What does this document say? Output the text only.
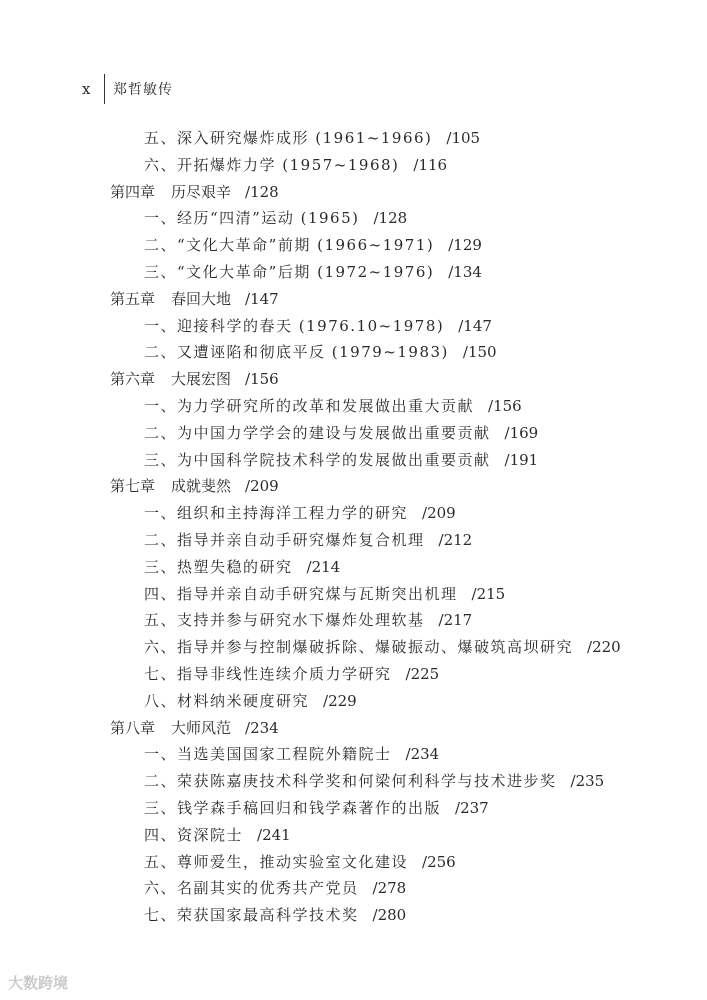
x	郑哲敏传
五、深入研究爆炸成形 (1961~1966) /105
六、开拓爆炸力学 (1957~1968) /116
第四章 历尽艰辛 /128
一、经历“四清”运动 (1965) /128
二、“文化大革命”前期 (1966~1971) /129
三、“文化大革命”后期 (1972~1976) /134
第五章 春回大地 /147
一、迎接科学的春天 (1976.10~1978) /147
二、又遭诬陷和彻底平反 (1979~1983) /150
第六章 大展宏图 /156
一、为力学研究所的改革和发展做出重大贡献 /156
二、为中国力学学会的建设与发展做出重要贡献 /169
三、为中国科学院技术科学的发展做出重要贡献 /191
第七章 成就斐然 /209
一、组织和主持海洋工程力学的研究 /209
二、指导并亲自动手研究爆炸复合机理 /212
三、热塑失稳的研究 /214
四、指导并亲自动手研究煤与瓦斯突出机理 /215
五、支持并参与研究水下爆炸处理软基 /217
六、指导并参与控制爆破拆除、爆破振动、爆破筑高坝研究 /220
七、指导非线性连续介质力学研究 /225
八、材料纳米硬度研究 /229
第八章 大师风范 /234
一、当选美国国家工程院外籍院士 /234
二、荣获陈嘉庚技术科学奖和何梁何利科学与技术进步奖 /235
三、钱学森手稿回归和钱学森著作的出版 /237
四、资深院士 /241
五、尊师爱生，推动实验室文化建设 /256
六、名副其实的优秀共产党员 /278
七、荣获国家最高科学技术奖 /280
大数跨境
